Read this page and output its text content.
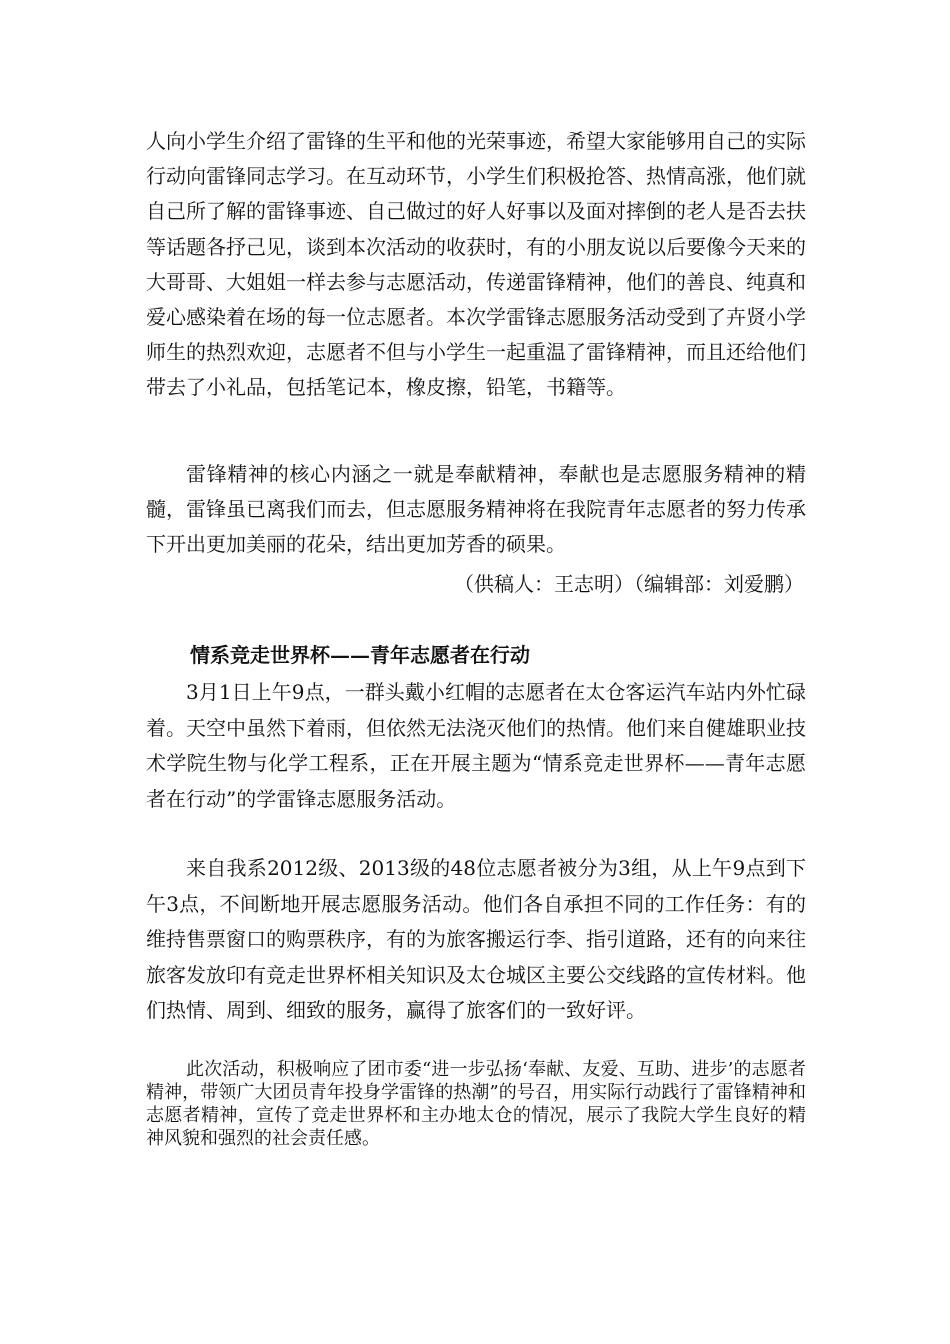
人向小学生介绍了雷锋的生平和他的光荣事迹，希望大家能够用自己的实际行动向雷锋同志学习。在互动环节，小学生们积极抢答、热情高涨，他们就自己所了解的雷锋事迹、自己做过的好人好事以及面对摔倒的老人是否去扶等话题各抒己见，谈到本次活动的收获时，有的小朋友说以后要像今天来的大哥哥、大姐姐一样去参与志愿活动，传递雷锋精神，他们的善良、纯真和爱心感染着在场的每一位志愿者。本次学雷锋志愿服务活动受到了卉贤小学师生的热烈欢迎，志愿者不但与小学生一起重温了雷锋精神，而且还给他们带去了小礼品，包括笔记本，橡皮擦，铅笔，书籍等。
雷锋精神的核心内涵之一就是奉献精神，奉献也是志愿服务精神的精髓，雷锋虽已离我们而去，但志愿服务精神将在我院青年志愿者的努力传承下开出更加美丽的花朵，结出更加芳香的硕果。
（供稿人：王志明）（编辑部：刘爱鹏）
情系竞走世界杯——青年志愿者在行动
3月1日上午9点，一群头戴小红帽的志愿者在太仓客运汽车站内外忙碌着。天空中虽然下着雨，但依然无法浇灭他们的热情。他们来自健雄职业技术学院生物与化学工程系，正在开展主题为“情系竞走世界杯——青年志愿者在行动”的学雷锋志愿服务活动。
来自我系2012级、2013级的48位志愿者被分为3组，从上午9点到下午3点，不间断地开展志愿服务活动。他们各自承担不同的工作任务：有的维持售票窗口的购票秩序，有的为旅客搬运行李、指引道路，还有的向来往旅客发放印有竞走世界杯相关知识及太仓城区主要公交线路的宣传材料。他们热情、周到、细致的服务，赢得了旅客们的一致好评。
此次活动，积极响应了团市委“进一步弘扬‘奉献、友爱、互助、进步’的志愿者精神，带领广大团员青年投身学雷锋的热潮”的号召，用实际行动践行了雷锋精神和志愿者精神，宣传了竞走世界杯和主办地太仓的情况，展示了我院大学生良好的精神风貌和强烈的社会责任感。
